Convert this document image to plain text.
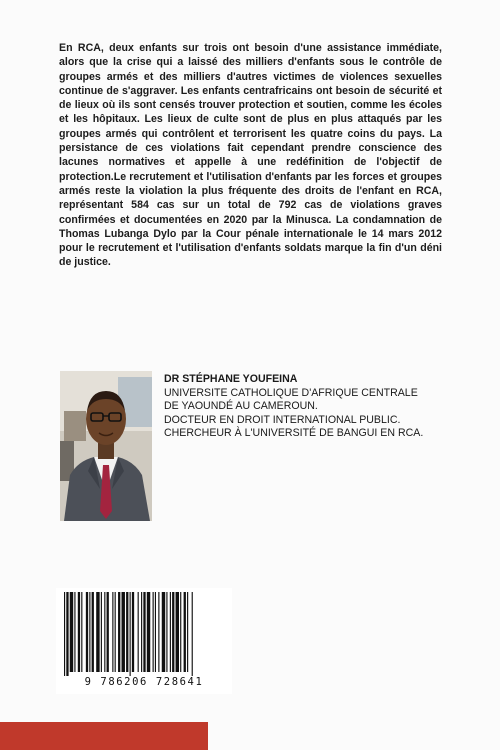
En RCA, deux enfants sur trois ont besoin d'une assistance immédiate, alors que la crise qui a laissé des milliers d'enfants sous le contrôle de groupes armés et des milliers d'autres victimes de violences sexuelles continue de s'aggraver. Les enfants centrafricains ont besoin de sécurité et de lieux où ils sont censés trouver protection et soutien, comme les écoles et les hôpitaux. Les lieux de culte sont de plus en plus attaqués par les groupes armés qui contrôlent et terrorisent les quatre coins du pays. La persistance de ces violations fait cependant prendre conscience des lacunes normatives et appelle à une redéfinition de l'objectif de protection.Le recrutement et l'utilisation d'enfants par les forces et groupes armés reste la violation la plus fréquente des droits de l'enfant en RCA, représentant 584 cas sur un total de 792 cas de violations graves confirmées et documentées en 2020 par la Minusca. La condamnation de Thomas Lubanga Dylo par la Cour pénale internationale le 14 mars 2012 pour le recrutement et l'utilisation d'enfants soldats marque la fin d'un déni de justice.

DR STÉPHANE YOUFEINA

UNIVERSITE CATHOLIQUE D'AFRIQUE CENTRALE

DE YAOUNDÉ AU CAMEROUN.

DOCTEUR EN DROIT INTERNATIONAL PUBLIC.

CHERCHEUR À L'UNIVERSITÉ DE BANGUI EN RCA.

9 786206 728641
